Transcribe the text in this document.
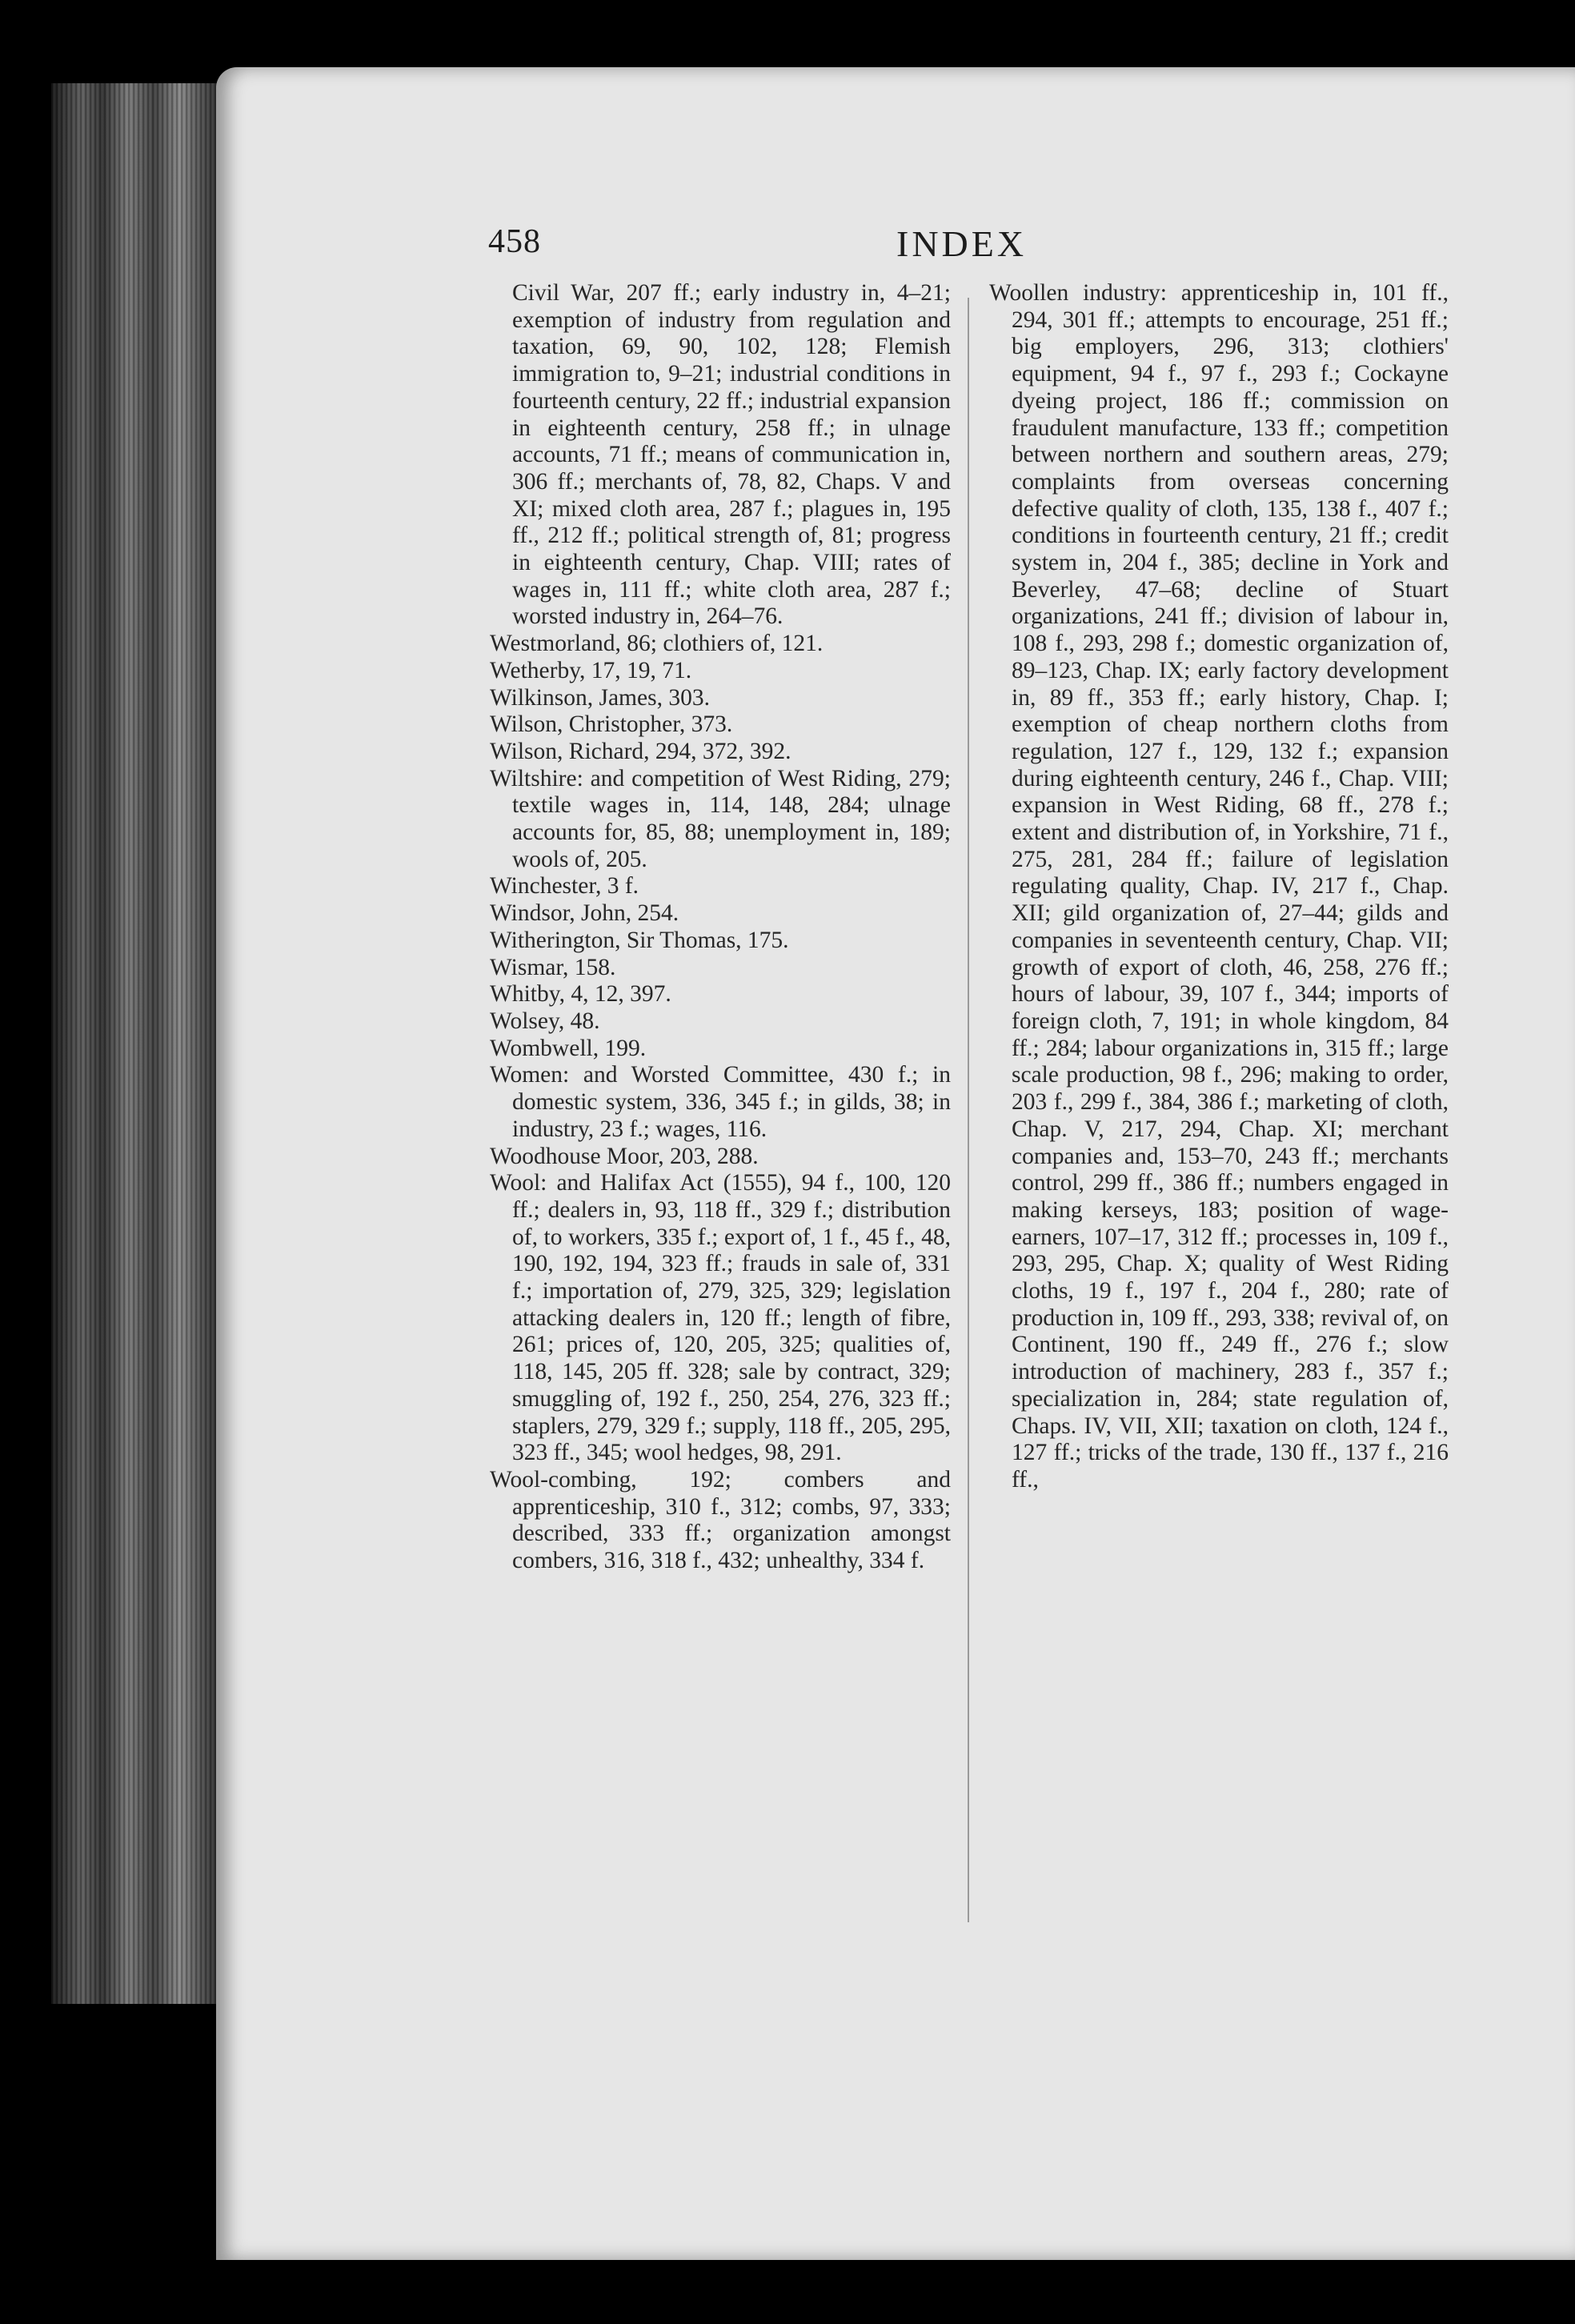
458	INDEX

Civil War, 207 ff.; early industry in, 4–21; exemption of industry from regulation and taxation, 69, 90, 102, 128; Flemish immigration to, 9–21; industrial conditions in fourteenth century, 22 ff.; industrial expansion in eighteenth century, 258 ff.; in ulnage accounts, 71 ff.; means of communication in, 306 ff.; merchants of, 78, 82, Chaps. V and XI; mixed cloth area, 287 f.; plagues in, 195 ff., 212 ff.; political strength of, 81; progress in eighteenth century, Chap. VIII; rates of wages in, 111 ff.; white cloth area, 287 f.; worsted industry in, 264–76.

Westmorland, 86; clothiers of, 121.

Wetherby, 17, 19, 71.

Wilkinson, James, 303.

Wilson, Christopher, 373.

Wilson, Richard, 294, 372, 392.

Wiltshire: and competition of West Riding, 279; textile wages in, 114, 148, 284; ulnage accounts for, 85, 88; unemployment in, 189; wools of, 205.

Winchester, 3 f.

Windsor, John, 254.

Witherington, Sir Thomas, 175.

Wismar, 158.

Whitby, 4, 12, 397.

Wolsey, 48.

Wombwell, 199.

Women: and Worsted Committee, 430 f.; in domestic system, 336, 345 f.; in gilds, 38; in industry, 23 f.; wages, 116.

Woodhouse Moor, 203, 288.

Wool: and Halifax Act (1555), 94 f., 100, 120 ff.; dealers in, 93, 118 ff., 329 f.; distribution of, to workers, 335 f.; export of, 1 f., 45 f., 48, 190, 192, 194, 323 ff.; frauds in sale of, 331 f.; importation of, 279, 325, 329; legislation attacking dealers in, 120 ff.; length of fibre, 261; prices of, 120, 205, 325; qualities of, 118, 145, 205 ff. 328; sale by contract, 329; smuggling of, 192 f., 250, 254, 276, 323 ff.; staplers, 279, 329 f.; supply, 118 ff., 205, 295, 323 ff., 345; wool hedges, 98, 291.

Wool-combing, 192; combers and apprenticeship, 310 f., 312; combs, 97, 333; described, 333 ff.; organization amongst combers, 316, 318 f., 432; unhealthy, 334 f.

Woollen industry: apprenticeship in, 101 ff., 294, 301 ff.; attempts to encourage, 251 ff.; big employers, 296, 313; clothiers' equipment, 94 f., 97 f., 293 f.; Cockayne dyeing project, 186 ff.; commission on fraudulent manufacture, 133 ff.; competition between northern and southern areas, 279; complaints from overseas concerning defective quality of cloth, 135, 138 f., 407 f.; conditions in fourteenth century, 21 ff.; credit system in, 204 f., 385; decline in York and Beverley, 47–68; decline of Stuart organizations, 241 ff.; division of labour in, 108 f., 293, 298 f.; domestic organization of, 89–123, Chap. IX; early factory development in, 89 ff., 353 ff.; early history, Chap. I; exemption of cheap northern cloths from regulation, 127 f., 129, 132 f.; expansion during eighteenth century, 246 f., Chap. VIII; expansion in West Riding, 68 ff., 278 f.; extent and distribution of, in Yorkshire, 71 f., 275, 281, 284 ff.; failure of legislation regulating quality, Chap. IV, 217 f., Chap. XII; gild organization of, 27–44; gilds and companies in seventeenth century, Chap. VII; growth of export of cloth, 46, 258, 276 ff.; hours of labour, 39, 107 f., 344; imports of foreign cloth, 7, 191; in whole kingdom, 84 ff.; 284; labour organizations in, 315 ff.; large scale production, 98 f., 296; making to order, 203 f., 299 f., 384, 386 f.; marketing of cloth, Chap. V, 217, 294, Chap. XI; merchant companies and, 153–70, 243 ff.; merchants control, 299 ff., 386 ff.; numbers engaged in making kerseys, 183; position of wage-earners, 107–17, 312 ff.; processes in, 109 f., 293, 295, Chap. X; quality of West Riding cloths, 19 f., 197 f., 204 f., 280; rate of production in, 109 ff., 293, 338; revival of, on Continent, 190 ff., 249 ff., 276 f.; slow introduction of machinery, 283 f., 357 f.; specialization in, 284; state regulation of, Chaps. IV, VII, XII; taxation on cloth, 124 f., 127 ff.; tricks of the trade, 130 ff., 137 f., 216 ff.,
